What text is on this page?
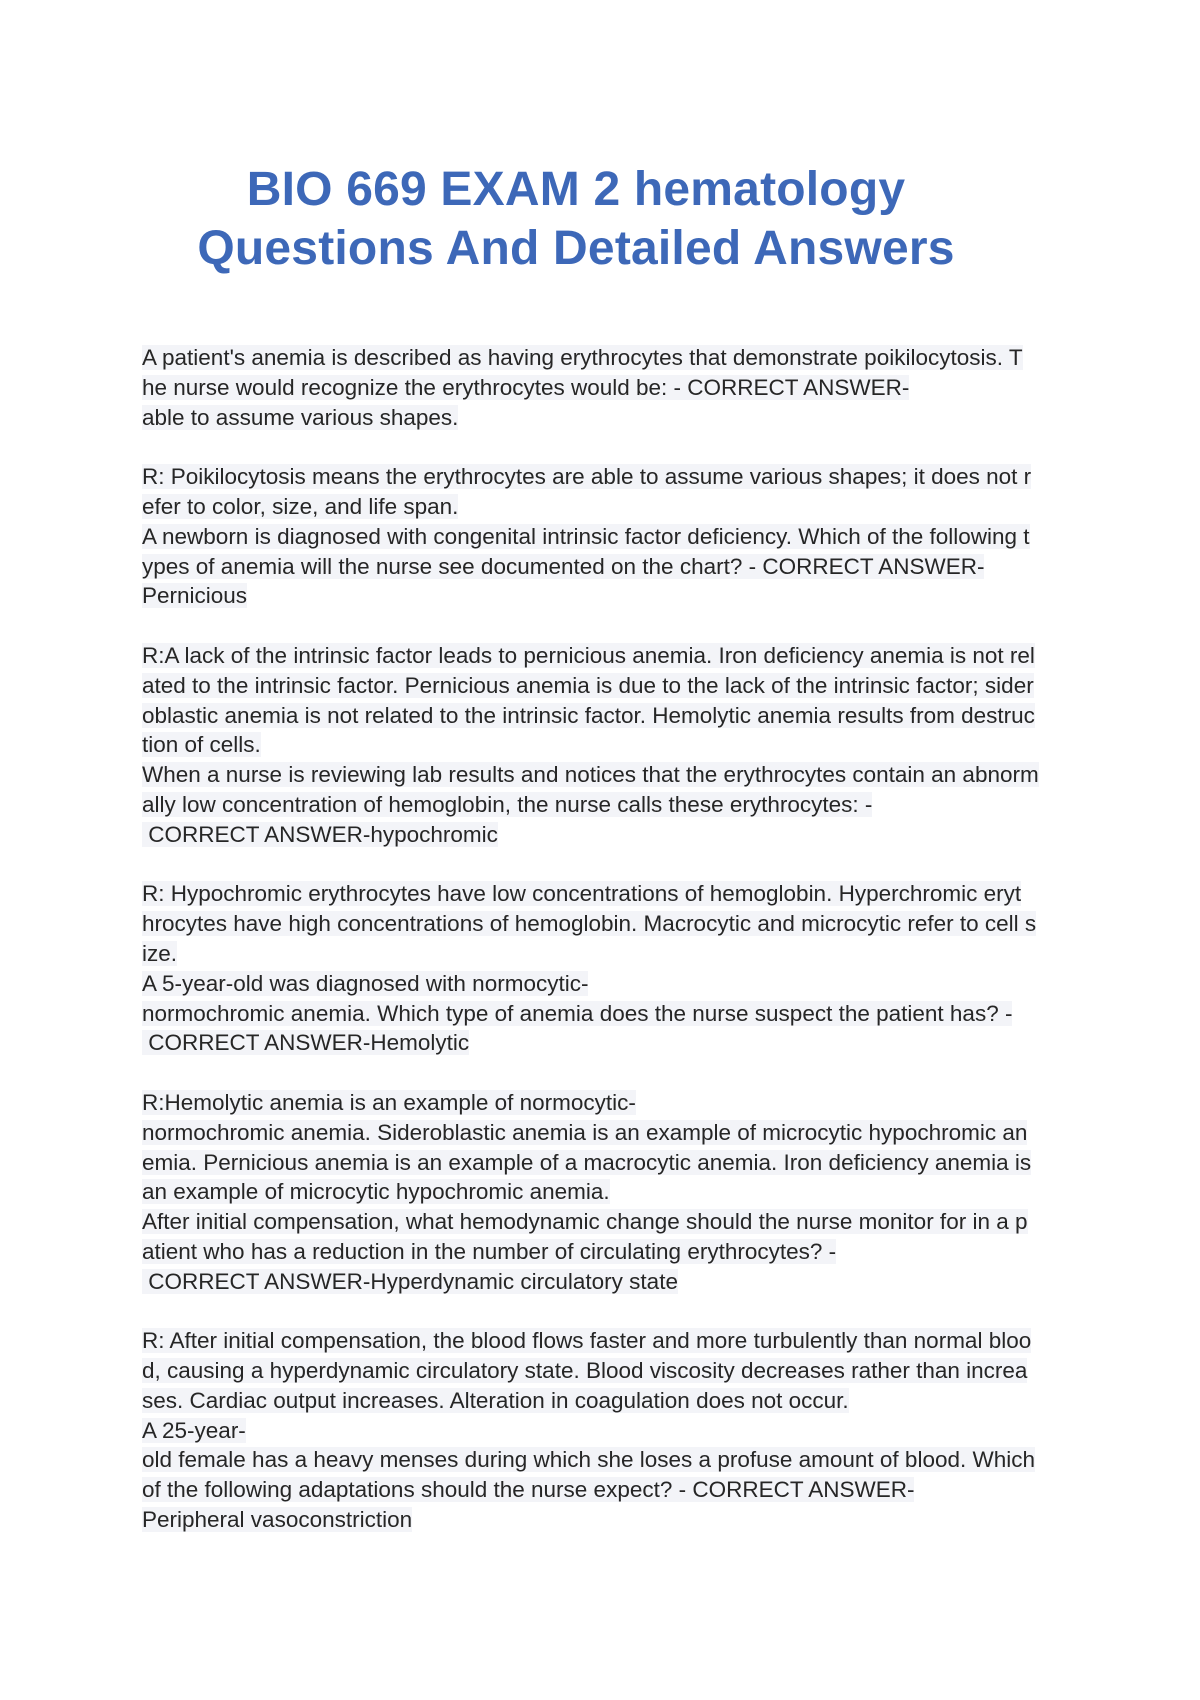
BIO 669 EXAM 2 hematology
Questions And Detailed Answers
A patient's anemia is described as having erythrocytes that demonstrate poikilocytosis. T
he nurse would recognize the erythrocytes would be: - CORRECT ANSWER-
able to assume various shapes.
R: Poikilocytosis means the erythrocytes are able to assume various shapes; it does not r
efer to color, size, and life span.
A newborn is diagnosed with congenital intrinsic factor deficiency. Which of the following t
ypes of anemia will the nurse see documented on the chart? - CORRECT ANSWER-
Pernicious
R:A lack of the intrinsic factor leads to pernicious anemia. Iron deficiency anemia is not rel
ated to the intrinsic factor. Pernicious anemia is due to the lack of the intrinsic factor; sider
oblastic anemia is not related to the intrinsic factor. Hemolytic anemia results from destruc
tion of cells.
When a nurse is reviewing lab results and notices that the erythrocytes contain an abnorm
ally low concentration of hemoglobin, the nurse calls these erythrocytes: -
CORRECT ANSWER-hypochromic
R: Hypochromic erythrocytes have low concentrations of hemoglobin. Hyperchromic eryt
hrocytes have high concentrations of hemoglobin. Macrocytic and microcytic refer to cell s
ize.
A 5-year-old was diagnosed with normocytic-
normochromic anemia. Which type of anemia does the nurse suspect the patient has? -
CORRECT ANSWER-Hemolytic
R:Hemolytic anemia is an example of normocytic-
normochromic anemia. Sideroblastic anemia is an example of microcytic hypochromic an
emia. Pernicious anemia is an example of a macrocytic anemia. Iron deficiency anemia is
an example of microcytic hypochromic anemia.
After initial compensation, what hemodynamic change should the nurse monitor for in a p
atient who has a reduction in the number of circulating erythrocytes? -
CORRECT ANSWER-Hyperdynamic circulatory state
R: After initial compensation, the blood flows faster and more turbulently than normal bloo
d, causing a hyperdynamic circulatory state. Blood viscosity decreases rather than increa
ses. Cardiac output increases. Alteration in coagulation does not occur.
A 25-year-
old female has a heavy menses during which she loses a profuse amount of blood. Which
of the following adaptations should the nurse expect? - CORRECT ANSWER-
Peripheral vasoconstriction
